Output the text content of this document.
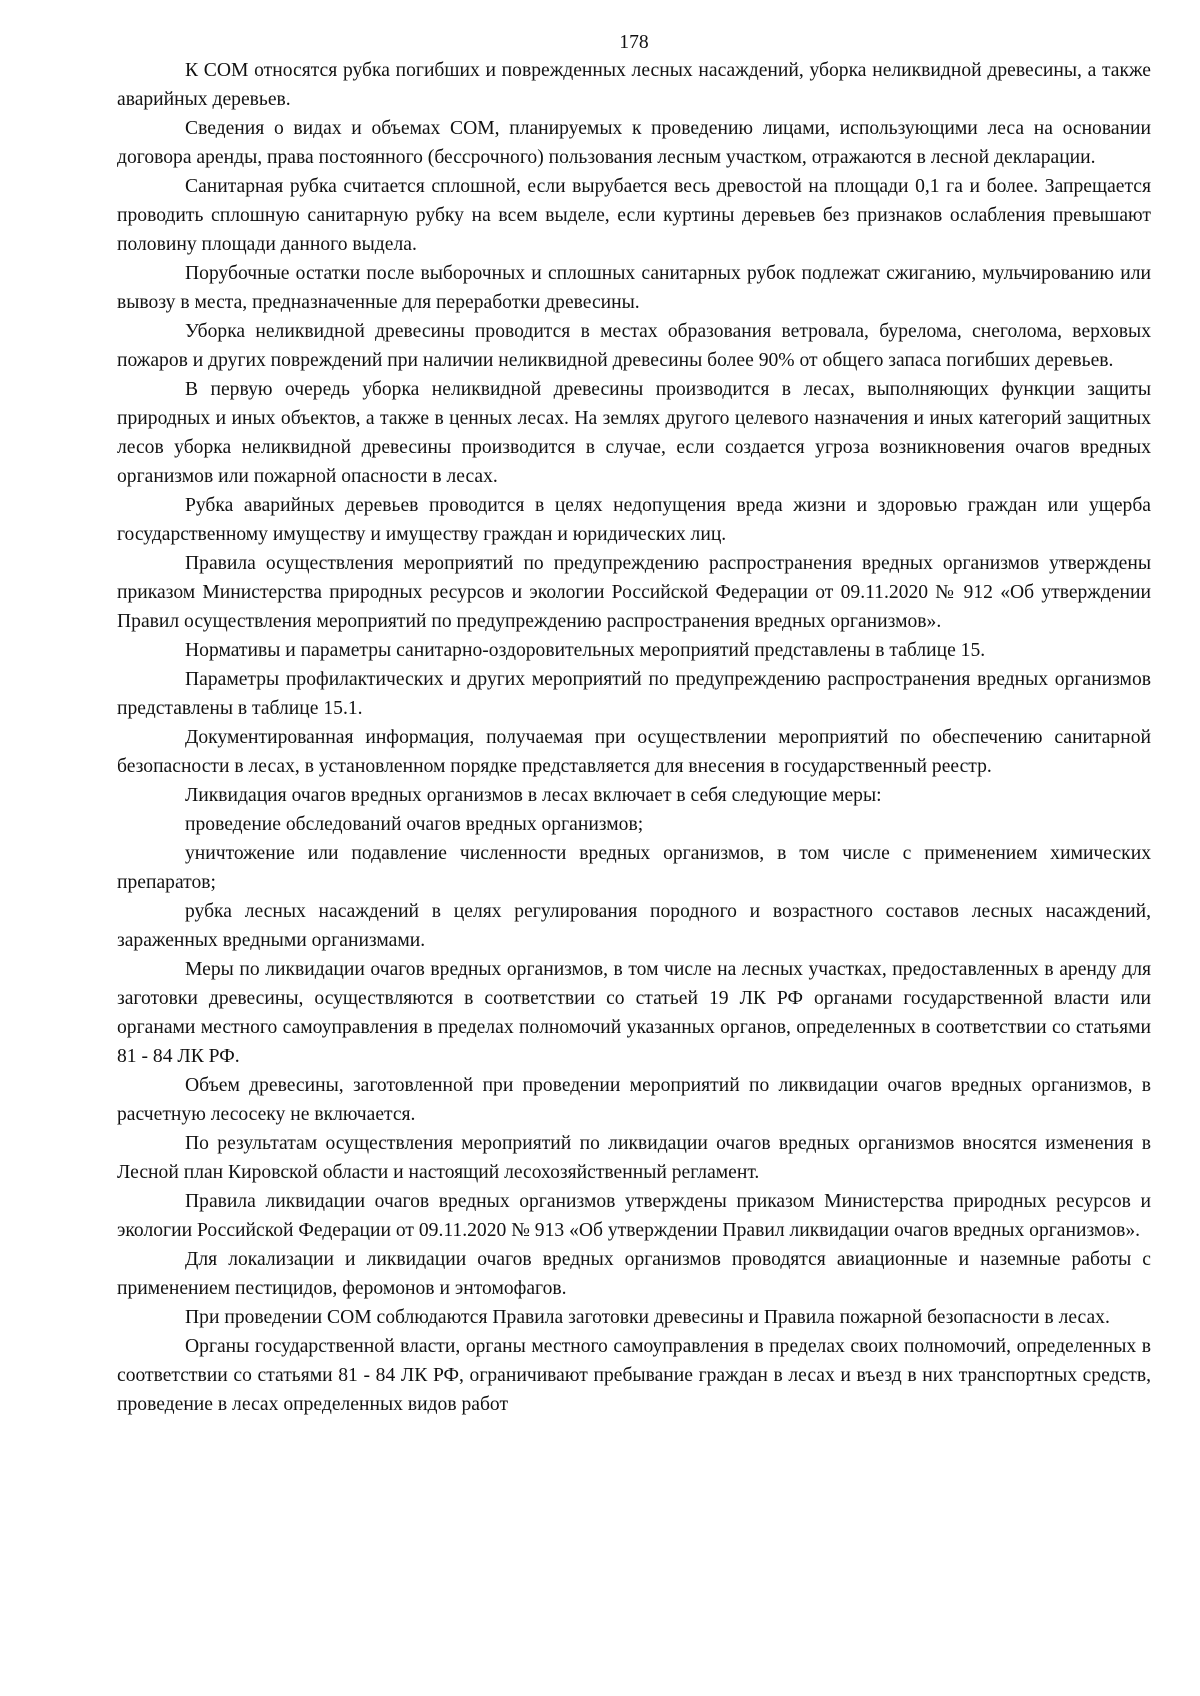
178

К СОМ относятся рубка погибших и поврежденных лесных насаждений, уборка неликвидной древесины, а также аварийных деревьев.

Сведения о видах и объемах СОМ, планируемых к проведению лицами, использующими леса на основании договора аренды, права постоянного (бессрочного) пользования лесным участком, отражаются в лесной декларации.

Санитарная рубка считается сплошной, если вырубается весь древостой на площади 0,1 га и более. Запрещается проводить сплошную санитарную рубку на всем выделе, если куртины деревьев без признаков ослабления превышают половину площади данного выдела.

Порубочные остатки после выборочных и сплошных санитарных рубок подлежат сжиганию, мульчированию или вывозу в места, предназначенные для переработки древесины.

Уборка неликвидной древесины проводится в местах образования ветровала, бурелома, снеголома, верховых пожаров и других повреждений при наличии неликвидной древесины более 90% от общего запаса погибших деревьев.

В первую очередь уборка неликвидной древесины производится в лесах, выполняющих функции защиты природных и иных объектов, а также в ценных лесах. На землях другого целевого назначения и иных категорий защитных лесов уборка неликвидной древесины производится в случае, если создается угроза возникновения очагов вредных организмов или пожарной опасности в лесах.

Рубка аварийных деревьев проводится в целях недопущения вреда жизни и здоровью граждан или ущерба государственному имуществу и имуществу граждан и юридических лиц.

Правила осуществления мероприятий по предупреждению распространения вредных организмов утверждены приказом Министерства природных ресурсов и экологии Российской Федерации от 09.11.2020 № 912 «Об утверждении Правил осуществления мероприятий по предупреждению распространения вредных организмов».

Нормативы и параметры санитарно-оздоровительных мероприятий представлены в таблице 15.

Параметры профилактических и других мероприятий по предупреждению распространения вредных организмов представлены в таблице 15.1.

Документированная информация, получаемая при осуществлении мероприятий по обеспечению санитарной безопасности в лесах, в установленном порядке представляется для внесения в государственный реестр.

Ликвидация очагов вредных организмов в лесах включает в себя следующие меры:

проведение обследований очагов вредных организмов;

уничтожение или подавление численности вредных организмов, в том числе с применением химических препаратов;

рубка лесных насаждений в целях регулирования породного и возрастного составов лесных насаждений, зараженных вредными организмами.

Меры по ликвидации очагов вредных организмов, в том числе на лесных участках, предоставленных в аренду для заготовки древесины, осуществляются в соответствии со статьей 19 ЛК РФ органами государственной власти или органами местного самоуправления в пределах полномочий указанных органов, определенных в соответствии со статьями 81 - 84 ЛК РФ.

Объем древесины, заготовленной при проведении мероприятий по ликвидации очагов вредных организмов, в расчетную лесосеку не включается.

По результатам осуществления мероприятий по ликвидации очагов вредных организмов вносятся изменения в Лесной план Кировской области и настоящий лесохозяйственный регламент.

Правила ликвидации очагов вредных организмов утверждены приказом Министерства природных ресурсов и экологии Российской Федерации от 09.11.2020 № 913 «Об утверждении Правил ликвидации очагов вредных организмов».

Для локализации и ликвидации очагов вредных организмов проводятся авиационные и наземные работы с применением пестицидов, феромонов и энтомофагов.

При проведении СОМ соблюдаются Правила заготовки древесины и Правила пожарной безопасности в лесах.

Органы государственной власти, органы местного самоуправления в пределах своих полномочий, определенных в соответствии со статьями 81 - 84 ЛК РФ, ограничивают пребывание граждан в лесах и въезд в них транспортных средств, проведение в лесах определенных видов работ
